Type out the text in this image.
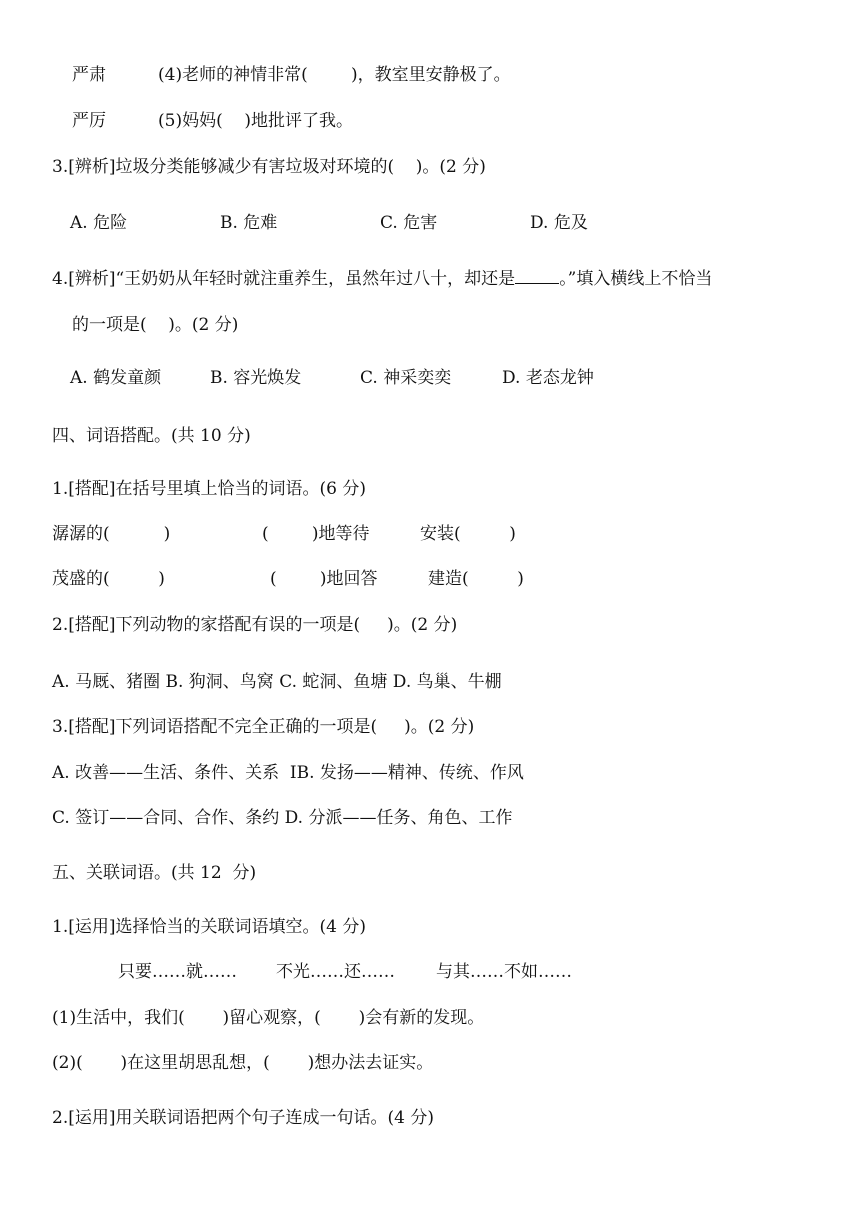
严肃	(4)老师的神情非常(        )，教室里安静极了。
严厉	(5)妈妈(    )地批评了我。
3.[辨析]垃圾分类能够减少有害垃圾对环境的(    )。(2 分)
A. 危险	B. 危难	C. 危害	D. 危及
4.[辨析]“王奶奶从年轻时就注重养生，虽然年过八十，却还是	。”填入横线上不恰当
的一项是(    )。(2 分)
A. 鹤发童颜	B. 容光焕发	C. 神采奕奕	D. 老态龙钟
四、词语搭配。(共 10 分)
1.[搭配]在括号里填上恰当的词语。(6 分)
潺潺的(          )	(        )地等待	安装(         )
茂盛的(         )	(        )地回答	建造(         )
2.[搭配]下列动物的家搭配有误的一项是(     )。(2 分)
A. 马厩、猪圈 B. 狗洞、鸟窝 C. 蛇洞、鱼塘 D. 鸟巢、牛棚
3.[搭配]下列词语搭配不完全正确的一项是(     )。(2 分)
A. 改善——生活、条件、关系  IB. 发扬——精神、传统、作风
C. 签订——合同、合作、条约 D. 分派——任务、角色、工作
五、关联词语。(共 12  分)
1.[运用]选择恰当的关联词语填空。(4 分)
只要……就…… 不光……还…… 与其……不如……
(1)生活中，我们(       )留心观察，(       )会有新的发现。
(2)(       )在这里胡思乱想，(       )想办法去证实。
2.[运用]用关联词语把两个句子连成一句话。(4 分)
